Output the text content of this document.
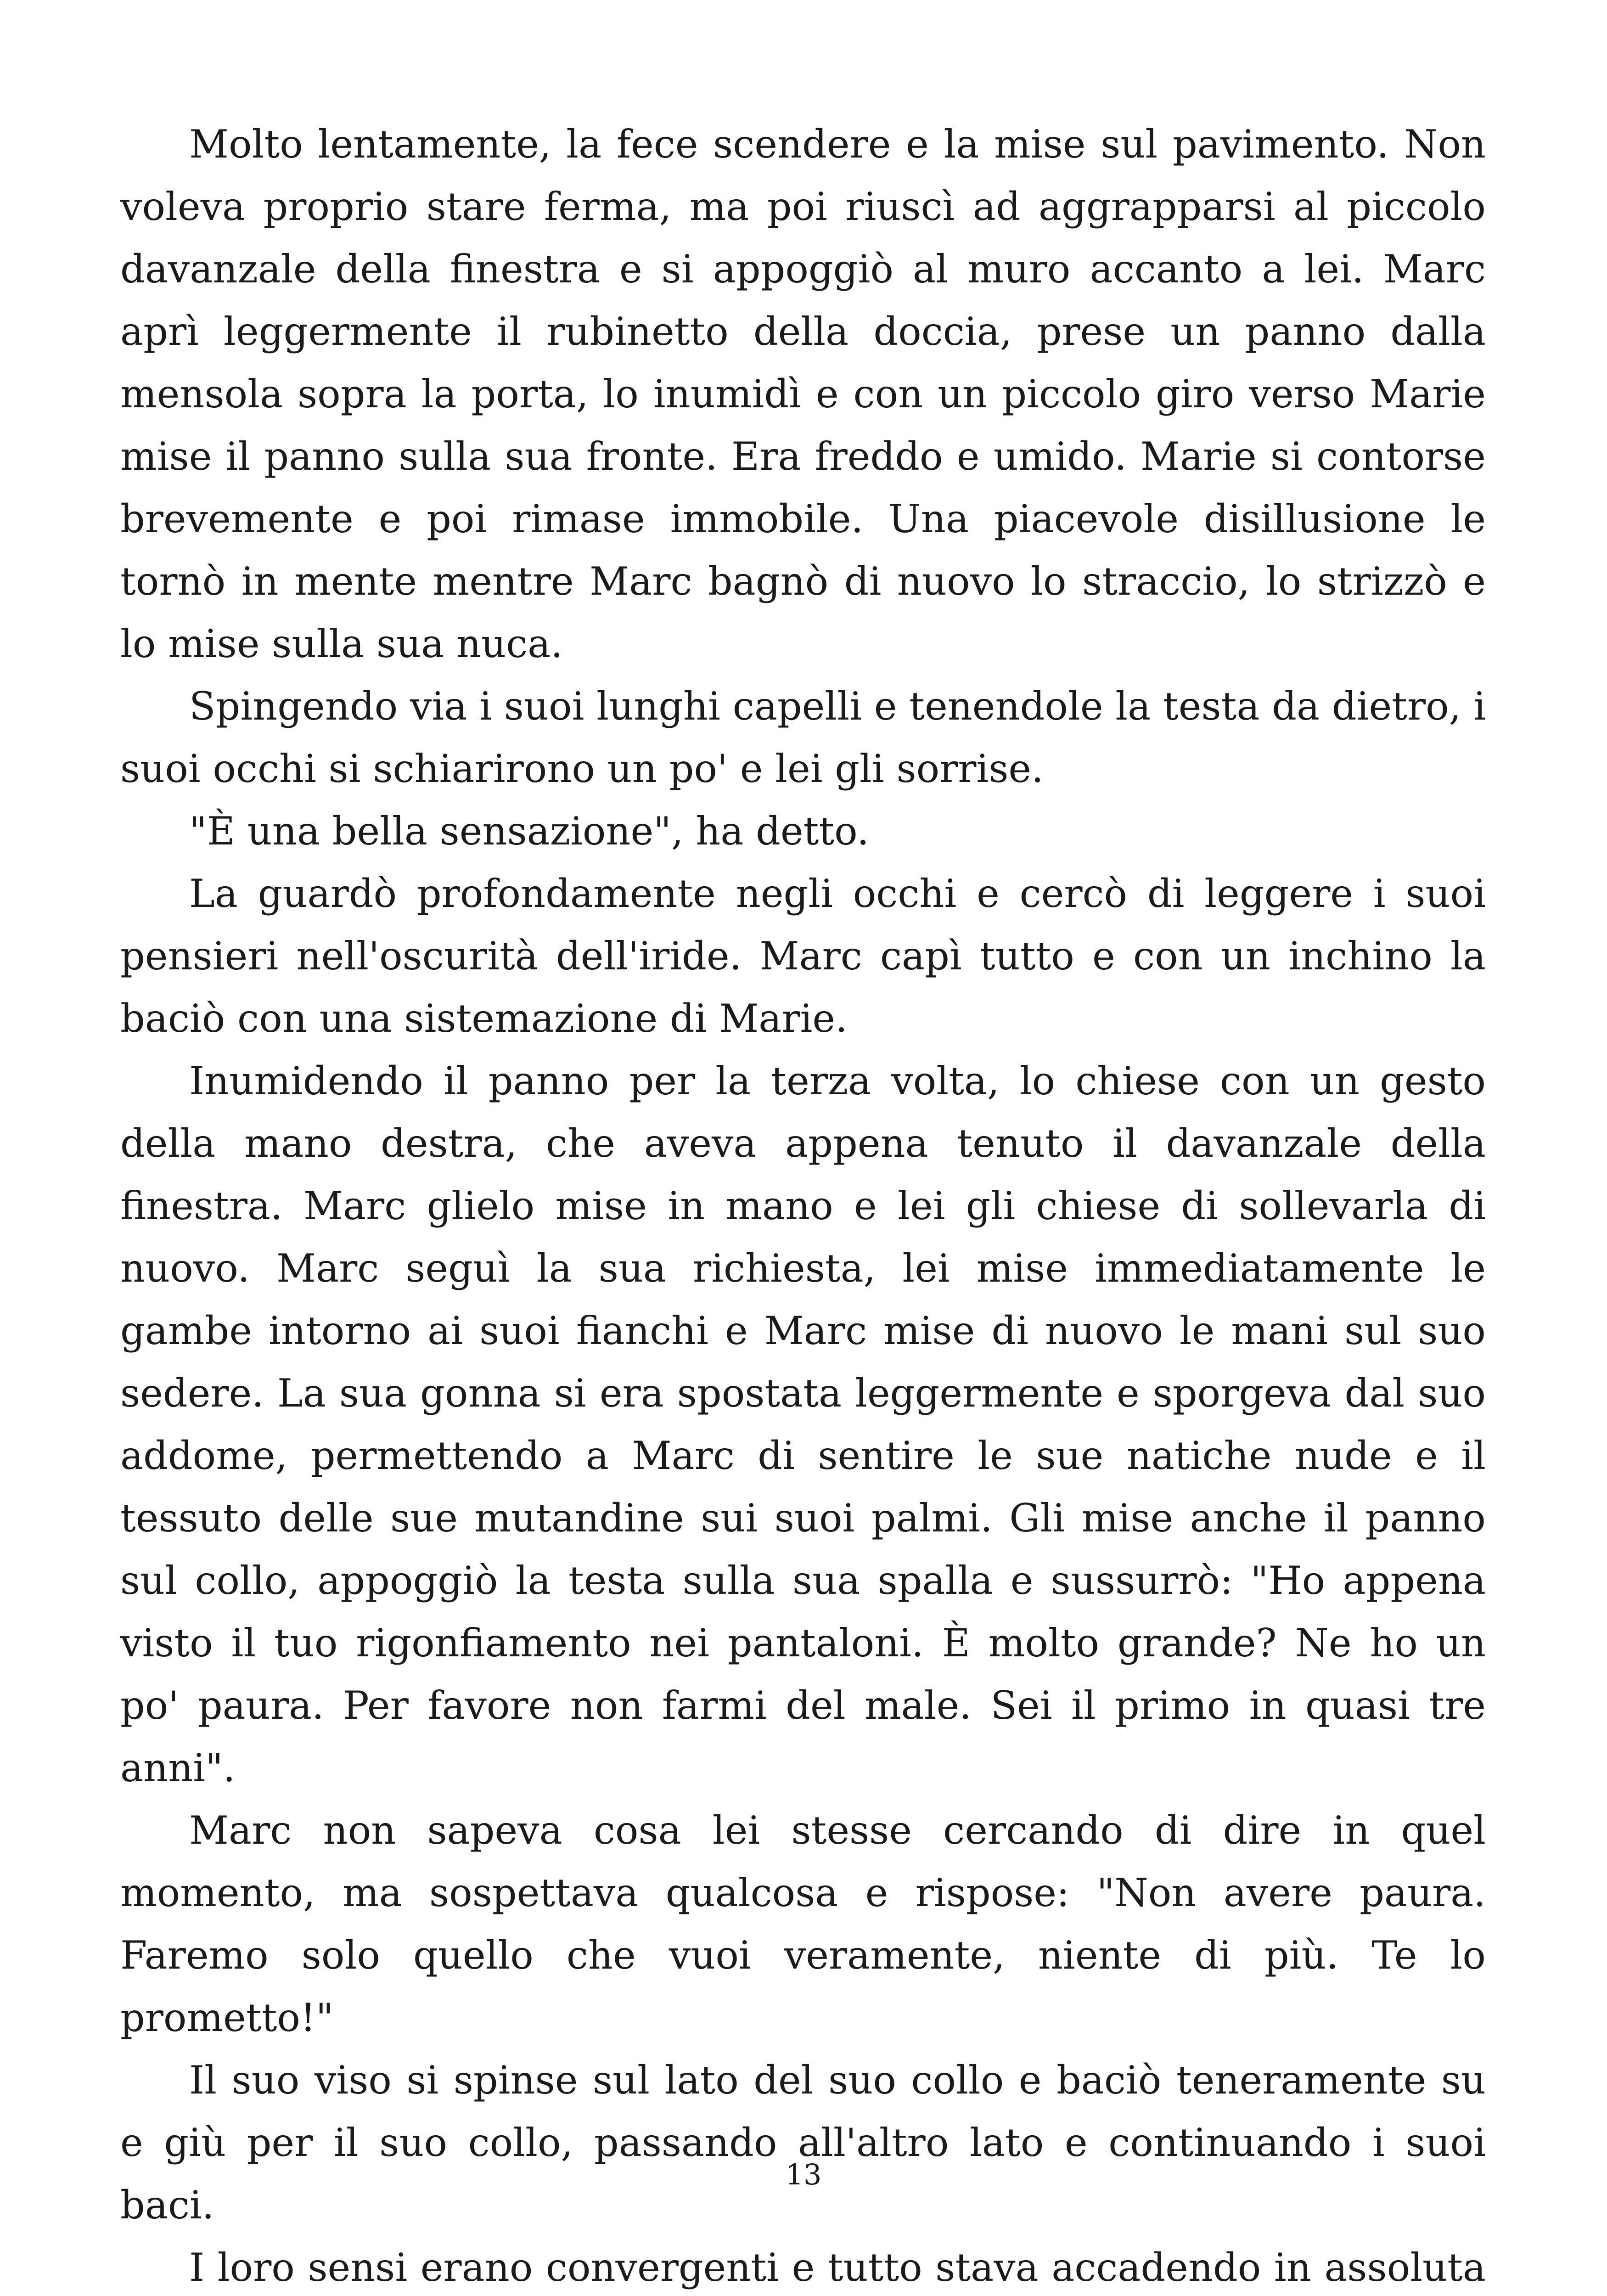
Molto lentamente, la fece scendere e la mise sul pavimento. Non voleva proprio stare ferma, ma poi riuscì ad aggrapparsi al piccolo davanzale della finestra e si appoggiò al muro accanto a lei. Marc aprì leggermente il rubinetto della doccia, prese un panno dalla mensola sopra la porta, lo inumidì e con un piccolo giro verso Marie mise il panno sulla sua fronte. Era freddo e umido. Marie si contorse brevemente e poi rimase immobile. Una piacevole disillusione le tornò in mente mentre Marc bagnò di nuovo lo straccio, lo strizzò e lo mise sulla sua nuca.

Spingendo via i suoi lunghi capelli e tenendole la testa da dietro, i suoi occhi si schiarirono un po' e lei gli sorrise.

"È una bella sensazione", ha detto.

La guardò profondamente negli occhi e cercò di leggere i suoi pensieri nell'oscurità dell'iride. Marc capì tutto e con un inchino la baciò con una sistemazione di Marie.

Inumidendo il panno per la terza volta, lo chiese con un gesto della mano destra, che aveva appena tenuto il davanzale della finestra. Marc glielo mise in mano e lei gli chiese di sollevarla di nuovo. Marc seguì la sua richiesta, lei mise immediatamente le gambe intorno ai suoi fianchi e Marc mise di nuovo le mani sul suo sedere. La sua gonna si era spostata leggermente e sporgeva dal suo addome, permettendo a Marc di sentire le sue natiche nude e il tessuto delle sue mutandine sui suoi palmi. Gli mise anche il panno sul collo, appoggiò la testa sulla sua spalla e sussurrò: "Ho appena visto il tuo rigonfiamento nei pantaloni. È molto grande? Ne ho un po' paura. Per favore non farmi del male. Sei il primo in quasi tre anni".

Marc non sapeva cosa lei stesse cercando di dire in quel momento, ma sospettava qualcosa e rispose: "Non avere paura. Faremo solo quello che vuoi veramente, niente di più. Te lo prometto!"

Il suo viso si spinse sul lato del suo collo e baciò teneramente su e giù per il suo collo, passando all'altro lato e continuando i suoi baci.

I loro sensi erano convergenti e tutto stava accadendo in assoluta

13
